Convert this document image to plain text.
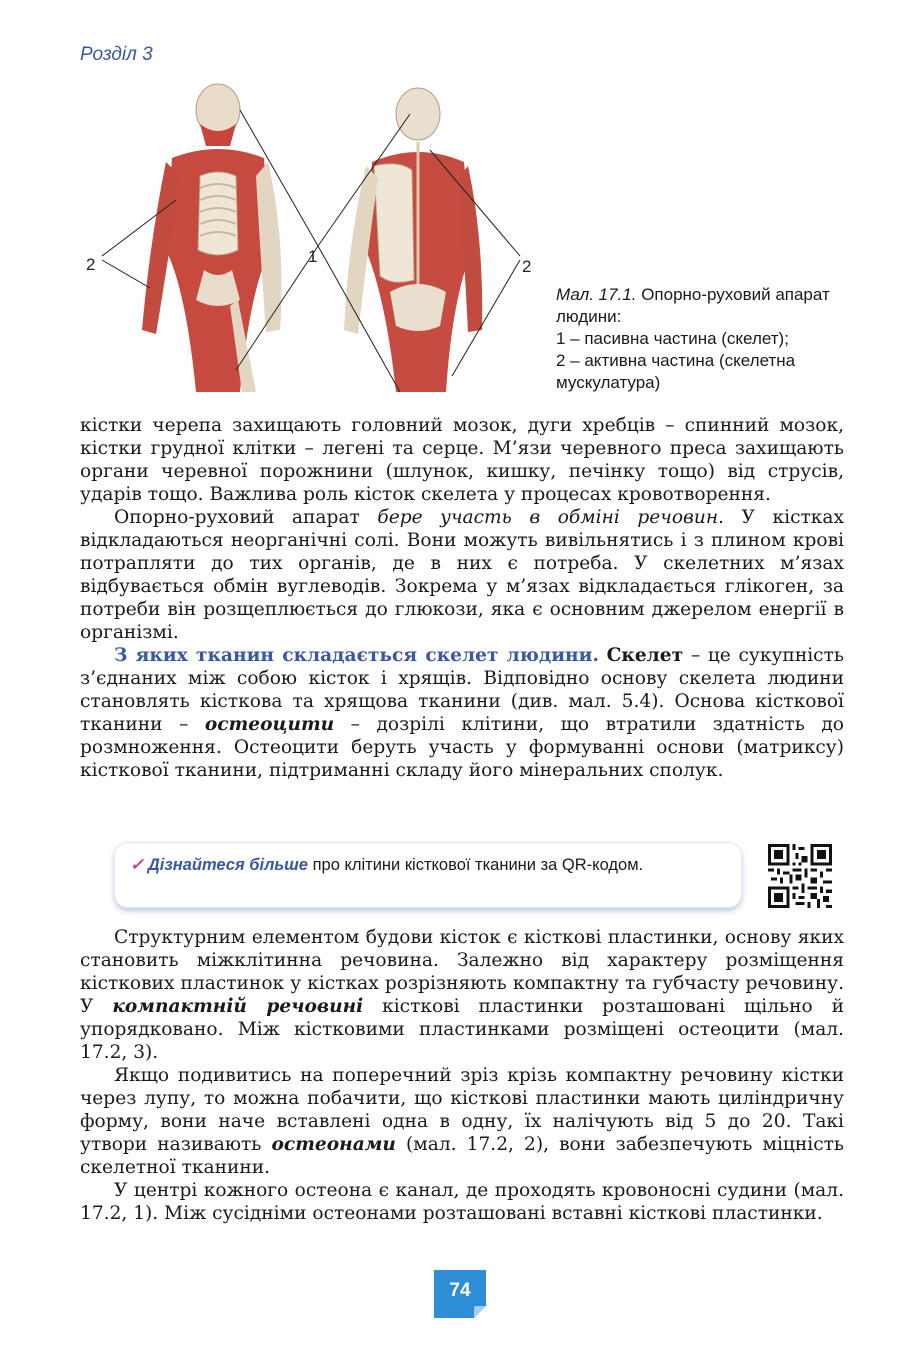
Розділ 3
2	1
2
Мал. 17.1. Опорно-руховий апарат людини:
1 – пасивна частина (скелет);
2 – активна частина (скелетна мускулатура)

кістки черепа захищають головний мозок, дуги хребців – спинний мозок, кістки грудної клітки – легені та серце. М’язи черевного преса захищають органи черевної порожнини (шлунок, кишку, печінку тощо) від струсів, ударів тощо. Важлива роль кісток скелета у процесах кровотворення.

Опорно-руховий апарат бере участь в обміні речовин. У кістках відкладаються неорганічні солі. Вони можуть вивільнятись і з плином крові потрапляти до тих органів, де в них є потреба. У скелетних м’язах відбувається обмін вуглеводів. Зокрема у м’язах відкладається глікоген, за потреби він розщеплюється до глюкози, яка є основним джерелом енергії в організмі.

З яких тканин складається скелет людини. Скелет – це сукупність з’єднаних між собою кісток і хрящів. Відповідно основу скелета людини становлять кісткова та хрящова тканини (див. мал. 5.4). Основа кісткової тканини – остеоцити – дозрілі клітини, що втратили здатність до розмноження. Остеоцити беруть участь у формуванні основи (матриксу) кісткової тканини, підтриманні складу його мінеральних сполук.

✓ Дізнайтеся більше про клітини кісткової тканини за QR-кодом.

Структурним елементом будови кісток є кісткові пластинки, основу яких становить міжклітинна речовина. Залежно від характеру розміщення кісткових пластинок у кістках розрізняють компактну та губчасту речовину. У компактній речовині кісткові пластинки розташовані щільно й упорядковано. Між кістковими пластинками розміщені остеоцити (мал. 17.2, 3).

Якщо подивитись на поперечний зріз крізь компактну речовину кістки через лупу, то можна побачити, що кісткові пластинки мають циліндричну форму, вони наче вставлені одна в одну, їх налічують від 5 до 20. Такі утвори називають остеонами (мал. 17.2, 2), вони забезпечують міцність скелетної тканини.

У центрі кожного остеона є канал, де проходять кровоносні судини (мал. 17.2, 1). Між сусідніми остеонами розташовані вставні кісткові пластинки.

74
